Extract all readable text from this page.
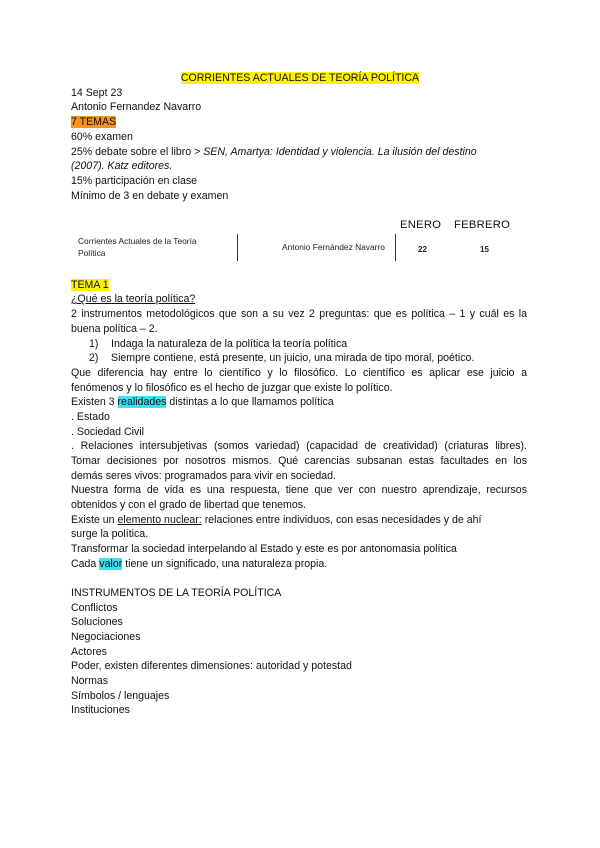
CORRIENTES ACTUALES DE TEORÍA POLÍTICA
14 Sept 23
Antonio Fernandez Navarro
7 TEMAS
60% examen
25% debate sobre el libro > SEN, Amartya: Identidad y violencia. La ilusión del destino
(2007). Katz editores.
15% participación en clase
Mínimo de 3 en debate y examen
ENERO FEBRERO
Corrientes Actuales de la Teoría
Política
Antonio Fernández Navarro	22	15
TEMA 1
¿Qué es la teoría política?
2 instrumentos metodológicos que son a su vez 2 preguntas: que es política – 1 y cuál es la
buena política – 2.
1) Indaga la naturaleza de la política la teoría política
2) Siempre contiene, está presente, un juicio, una mirada de tipo moral, poético.
Que diferencia hay entre lo científico y lo filosófico. Lo científico es aplicar ese juicio a
fenómenos y lo filosófico es el hecho de juzgar que existe lo político.
Existen 3 realidades distintas a lo que llamamos política
. Estado
. Sociedad Civil
. Relaciones intersubjetivas (somos variedad) (capacidad de creatividad) (criaturas libres).
Tomar decisiones por nosotros mismos. Qué carencias subsanan estas facultades en los
demás seres vivos: programados para vivir en sociedad.
Nuestra forma de vida es una respuesta, tiene que ver con nuestro aprendizaje, recursos
obtenidos y con el grado de libertad que tenemos.
Existe un elemento nuclear: relaciones entre individuos, con esas necesidades y de ahí
surge la política.
Transformar la sociedad interpelando al Estado y este es por antonomasia política
Cada valor tiene un significado, una naturaleza propia.
INSTRUMENTOS DE LA TEORÍA POLÍTICA
Conflictos
Soluciones
Negociaciones
Actores
Poder, existen diferentes dimensiones: autoridad y potestad
Normas
Símbolos / lenguajes
Instituciones
